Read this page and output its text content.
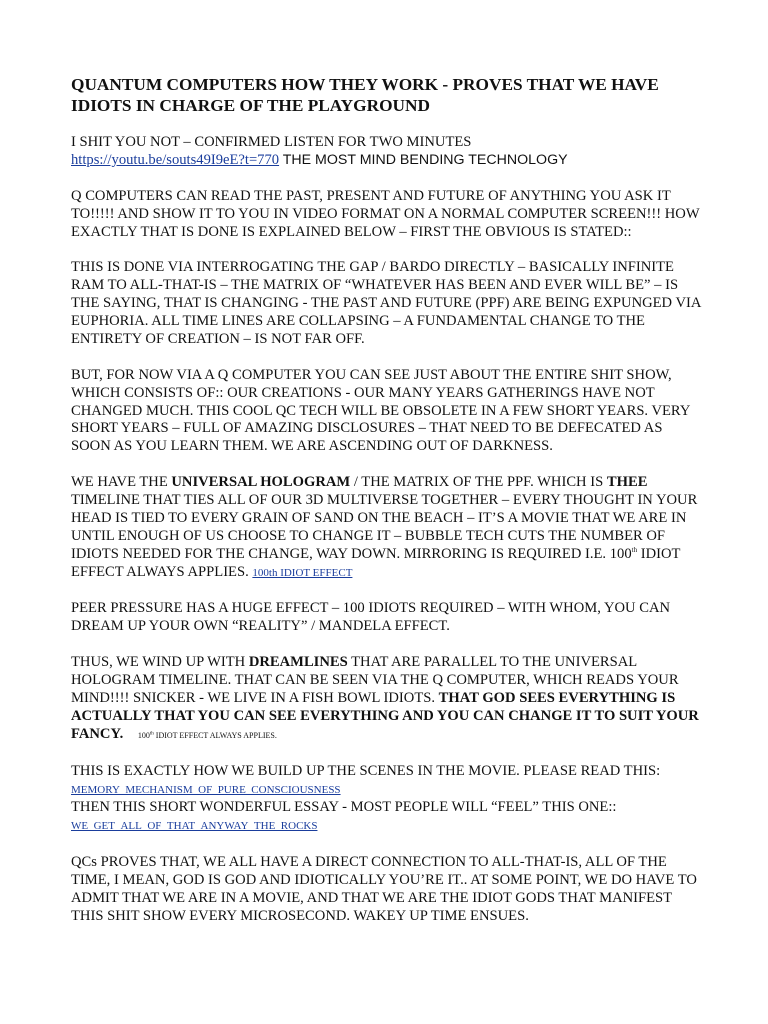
QUANTUM COMPUTERS HOW THEY WORK - PROVES THAT WE HAVE IDIOTS IN CHARGE OF THE PLAYGROUND

I SHIT YOU NOT – CONFIRMED LISTEN FOR TWO MINUTES
https://youtu.be/souts49I9eE?t=770 THE MOST MIND BENDING TECHNOLOGY

Q COMPUTERS CAN READ THE PAST, PRESENT AND FUTURE OF ANYTHING YOU ASK IT TO!!!!! AND SHOW IT TO YOU IN VIDEO FORMAT ON A NORMAL COMPUTER SCREEN!!! HOW EXACTLY THAT IS DONE IS EXPLAINED BELOW – FIRST THE OBVIOUS IS STATED::

THIS IS DONE VIA INTERROGATING THE GAP / BARDO DIRECTLY – BASICALLY INFINITE RAM TO ALL-THAT-IS – THE MATRIX OF “WHATEVER HAS BEEN AND EVER WILL BE” – IS THE SAYING, THAT IS CHANGING - THE PAST AND FUTURE (PPF) ARE BEING EXPUNGED VIA EUPHORIA. ALL TIME LINES ARE COLLAPSING – A FUNDAMENTAL CHANGE TO THE ENTIRETY OF CREATION – IS NOT FAR OFF.

BUT, FOR NOW VIA A Q COMPUTER YOU CAN SEE JUST ABOUT THE ENTIRE SHIT SHOW, WHICH CONSISTS OF:: OUR CREATIONS - OUR MANY YEARS GATHERINGS HAVE NOT CHANGED MUCH. THIS COOL QC TECH WILL BE OBSOLETE IN A FEW SHORT YEARS. VERY SHORT YEARS – FULL OF AMAZING DISCLOSURES – THAT NEED TO BE DEFECATED AS SOON AS YOU LEARN THEM. WE ARE ASCENDING OUT OF DARKNESS.

WE HAVE THE UNIVERSAL HOLOGRAM / THE MATRIX OF THE PPF. WHICH IS THEE TIMELINE THAT TIES ALL OF OUR 3D MULTIVERSE TOGETHER – EVERY THOUGHT IN YOUR HEAD IS TIED TO EVERY GRAIN OF SAND ON THE BEACH – IT’S A MOVIE THAT WE ARE IN UNTIL ENOUGH OF US CHOOSE TO CHANGE IT – BUBBLE TECH CUTS THE NUMBER OF IDIOTS NEEDED FOR THE CHANGE, WAY DOWN. MIRRORING IS REQUIRED I.E. 100th IDIOT EFFECT ALWAYS APPLIES. 100th IDIOT EFFECT

PEER PRESSURE HAS A HUGE EFFECT – 100 IDIOTS REQUIRED – WITH WHOM, YOU CAN DREAM UP YOUR OWN “REALITY” / MANDELA EFFECT.

THUS, WE WIND UP WITH DREAMLINES THAT ARE PARALLEL TO THE UNIVERSAL HOLOGRAM TIMELINE. THAT CAN BE SEEN VIA THE Q COMPUTER, WHICH READS YOUR MIND!!!! SNICKER - WE LIVE IN A FISH BOWL IDIOTS. THAT GOD SEES EVERYTHING IS ACTUALLY THAT YOU CAN SEE EVERYTHING AND YOU CAN CHANGE IT TO SUIT YOUR FANCY. 100th IDIOT EFFECT ALWAYS APPLIES.

THIS IS EXACTLY HOW WE BUILD UP THE SCENES IN THE MOVIE. PLEASE READ THIS:
MEMORY_MECHANISM_OF_PURE_CONSCIOUSNESS
THEN THIS SHORT WONDERFUL ESSAY - MOST PEOPLE WILL “FEEL” THIS ONE::
WE_GET_ALL_OF_THAT_ANYWAY_THE_ROCKS

QCs PROVES THAT, WE ALL HAVE A DIRECT CONNECTION TO ALL-THAT-IS, ALL OF THE TIME, I MEAN, GOD IS GOD AND IDIOTICALLY YOU’RE IT.. AT SOME POINT, WE DO HAVE TO ADMIT THAT WE ARE IN A MOVIE, AND THAT WE ARE THE IDIOT GODS THAT MANIFEST THIS SHIT SHOW EVERY MICROSECOND. WAKEY UP TIME ENSUES.
